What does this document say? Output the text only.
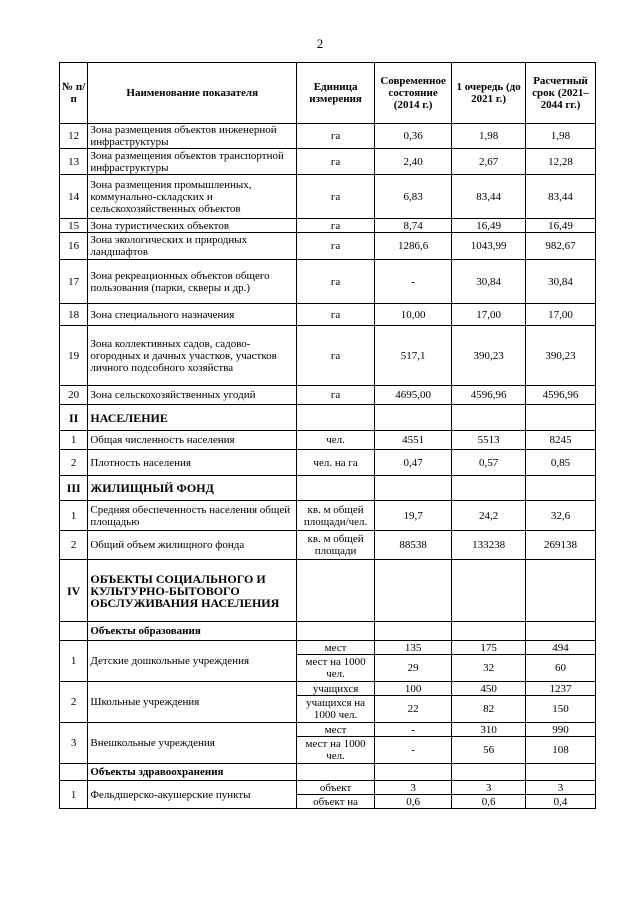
2
№ п/п	Наименование показателя	Единица измерения	Современное состояние (2014 г.)	1 очередь (до 2021 г.)	Расчетный срок (2021–2044 гг.)
12	Зона размещения объектов инженерной инфраструктуры	га	0,36	1,98	1,98
13	Зона размещения объектов транспортной инфраструктуры	га	2,40	2,67	12,28
14	Зона размещения промышленных, коммунально-складских и сельскохозяйственных объектов	га	6,83	83,44	83,44
15	Зона туристических объектов	га	8,74	16,49	16,49
16	Зона экологических и природных ландшафтов	га	1286,6	1043,99	982,67
17	Зона рекреационных объектов общего пользования (парки, скверы и др.)	га	-	30,84	30,84
18	Зона специального назначения	га	10,00	17,00	17,00
19	Зона коллективных садов, садово-огородных и дачных участков, участков личного подсобного хозяйства	га	517,1	390,23	390,23
20	Зона сельскохозяйственных угодий	га	4695,00	4596,96	4596,96
II	НАСЕЛЕНИЕ				
1	Общая численность населения	чел.	4551	5513	8245
2	Плотность населения	чел. на га	0,47	0,57	0,85
III	ЖИЛИЩНЫЙ ФОНД				
1	Средняя обеспеченность населения общей площадью	кв. м общей площади/чел.	19,7	24,2	32,6
2	Общий объем жилищного фонда	кв. м общей площади	88538	133238	269138
IV	ОБЪЕКТЫ СОЦИАЛЬНОГО И КУЛЬТУРНО-БЫТОВОГО ОБСЛУЖИВАНИЯ НАСЕЛЕНИЯ				
	Объекты образования				
1	Детские дошкольные учреждения	мест	135	175	494
		мест на 1000 чел.	29	32	60
2	Школьные учреждения	учащихся	100	450	1237
		учащихся на 1000 чел.	22	82	150
3	Внешкольные учреждения	мест	-	310	990
		мест на 1000 чел.	-	56	108
	Объекты здравоохранения				
1	Фельдшерско-акушерские пункты	объект	3	3	3
		объект на	0,6	0,6	0,4
